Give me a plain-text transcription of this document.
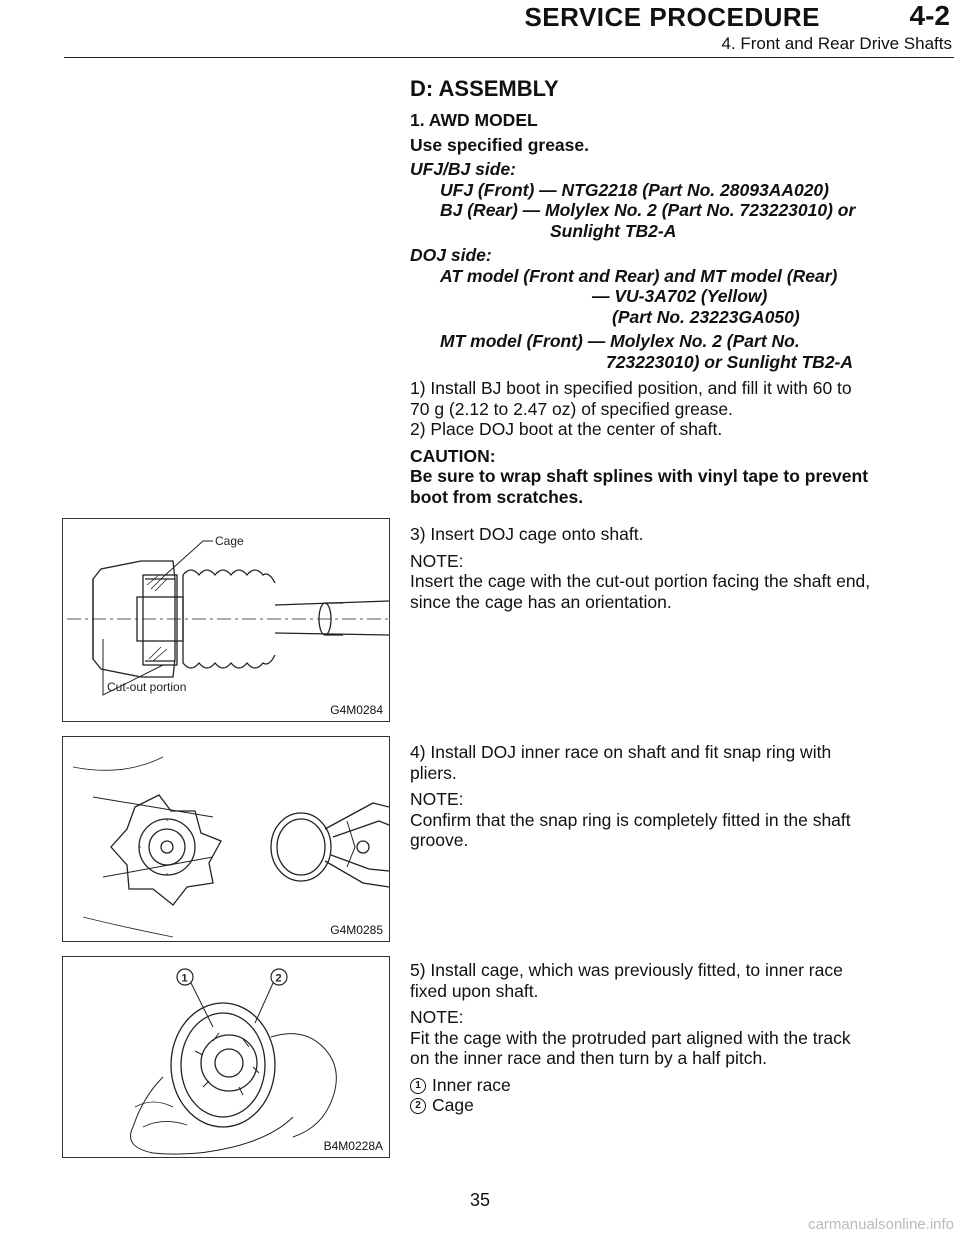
SERVICE PROCEDURE	4-2
4. Front and Rear Drive Shafts
D: ASSEMBLY
1. AWD MODEL
Use specified grease.
UFJ/BJ side:
UFJ (Front) — NTG2218 (Part No. 28093AA020)
BJ (Rear) — Molylex No. 2 (Part No. 723223010) or
Sunlight TB2-A
DOJ side:
AT model (Front and Rear) and MT model (Rear)
— VU-3A702 (Yellow)
(Part No. 23223GA050)
MT model (Front) — Molylex No. 2 (Part No.
723223010) or Sunlight TB2-A
1) Install BJ boot in specified position, and fill it with 60 to
70 g (2.12 to 2.47 oz) of specified grease.
2) Place DOJ boot at the center of shaft.
CAUTION:
Be sure to wrap shaft splines with vinyl tape to prevent
boot from scratches.
Cage
Cut-out portion
G4M0284
3) Insert DOJ cage onto shaft.
NOTE:
Insert the cage with the cut-out portion facing the shaft end,
since the cage has an orientation.
G4M0285
4) Install DOJ inner race on shaft and fit snap ring with
pliers.
NOTE:
Confirm that the snap ring is completely fitted in the shaft
groove.
1	2
B4M0228A
5) Install cage, which was previously fitted, to inner race
fixed upon shaft.
NOTE:
Fit the cage with the protruded part aligned with the track
on the inner race and then turn by a half pitch.
1 Inner race
2 Cage
35
carmanualsonline.info
